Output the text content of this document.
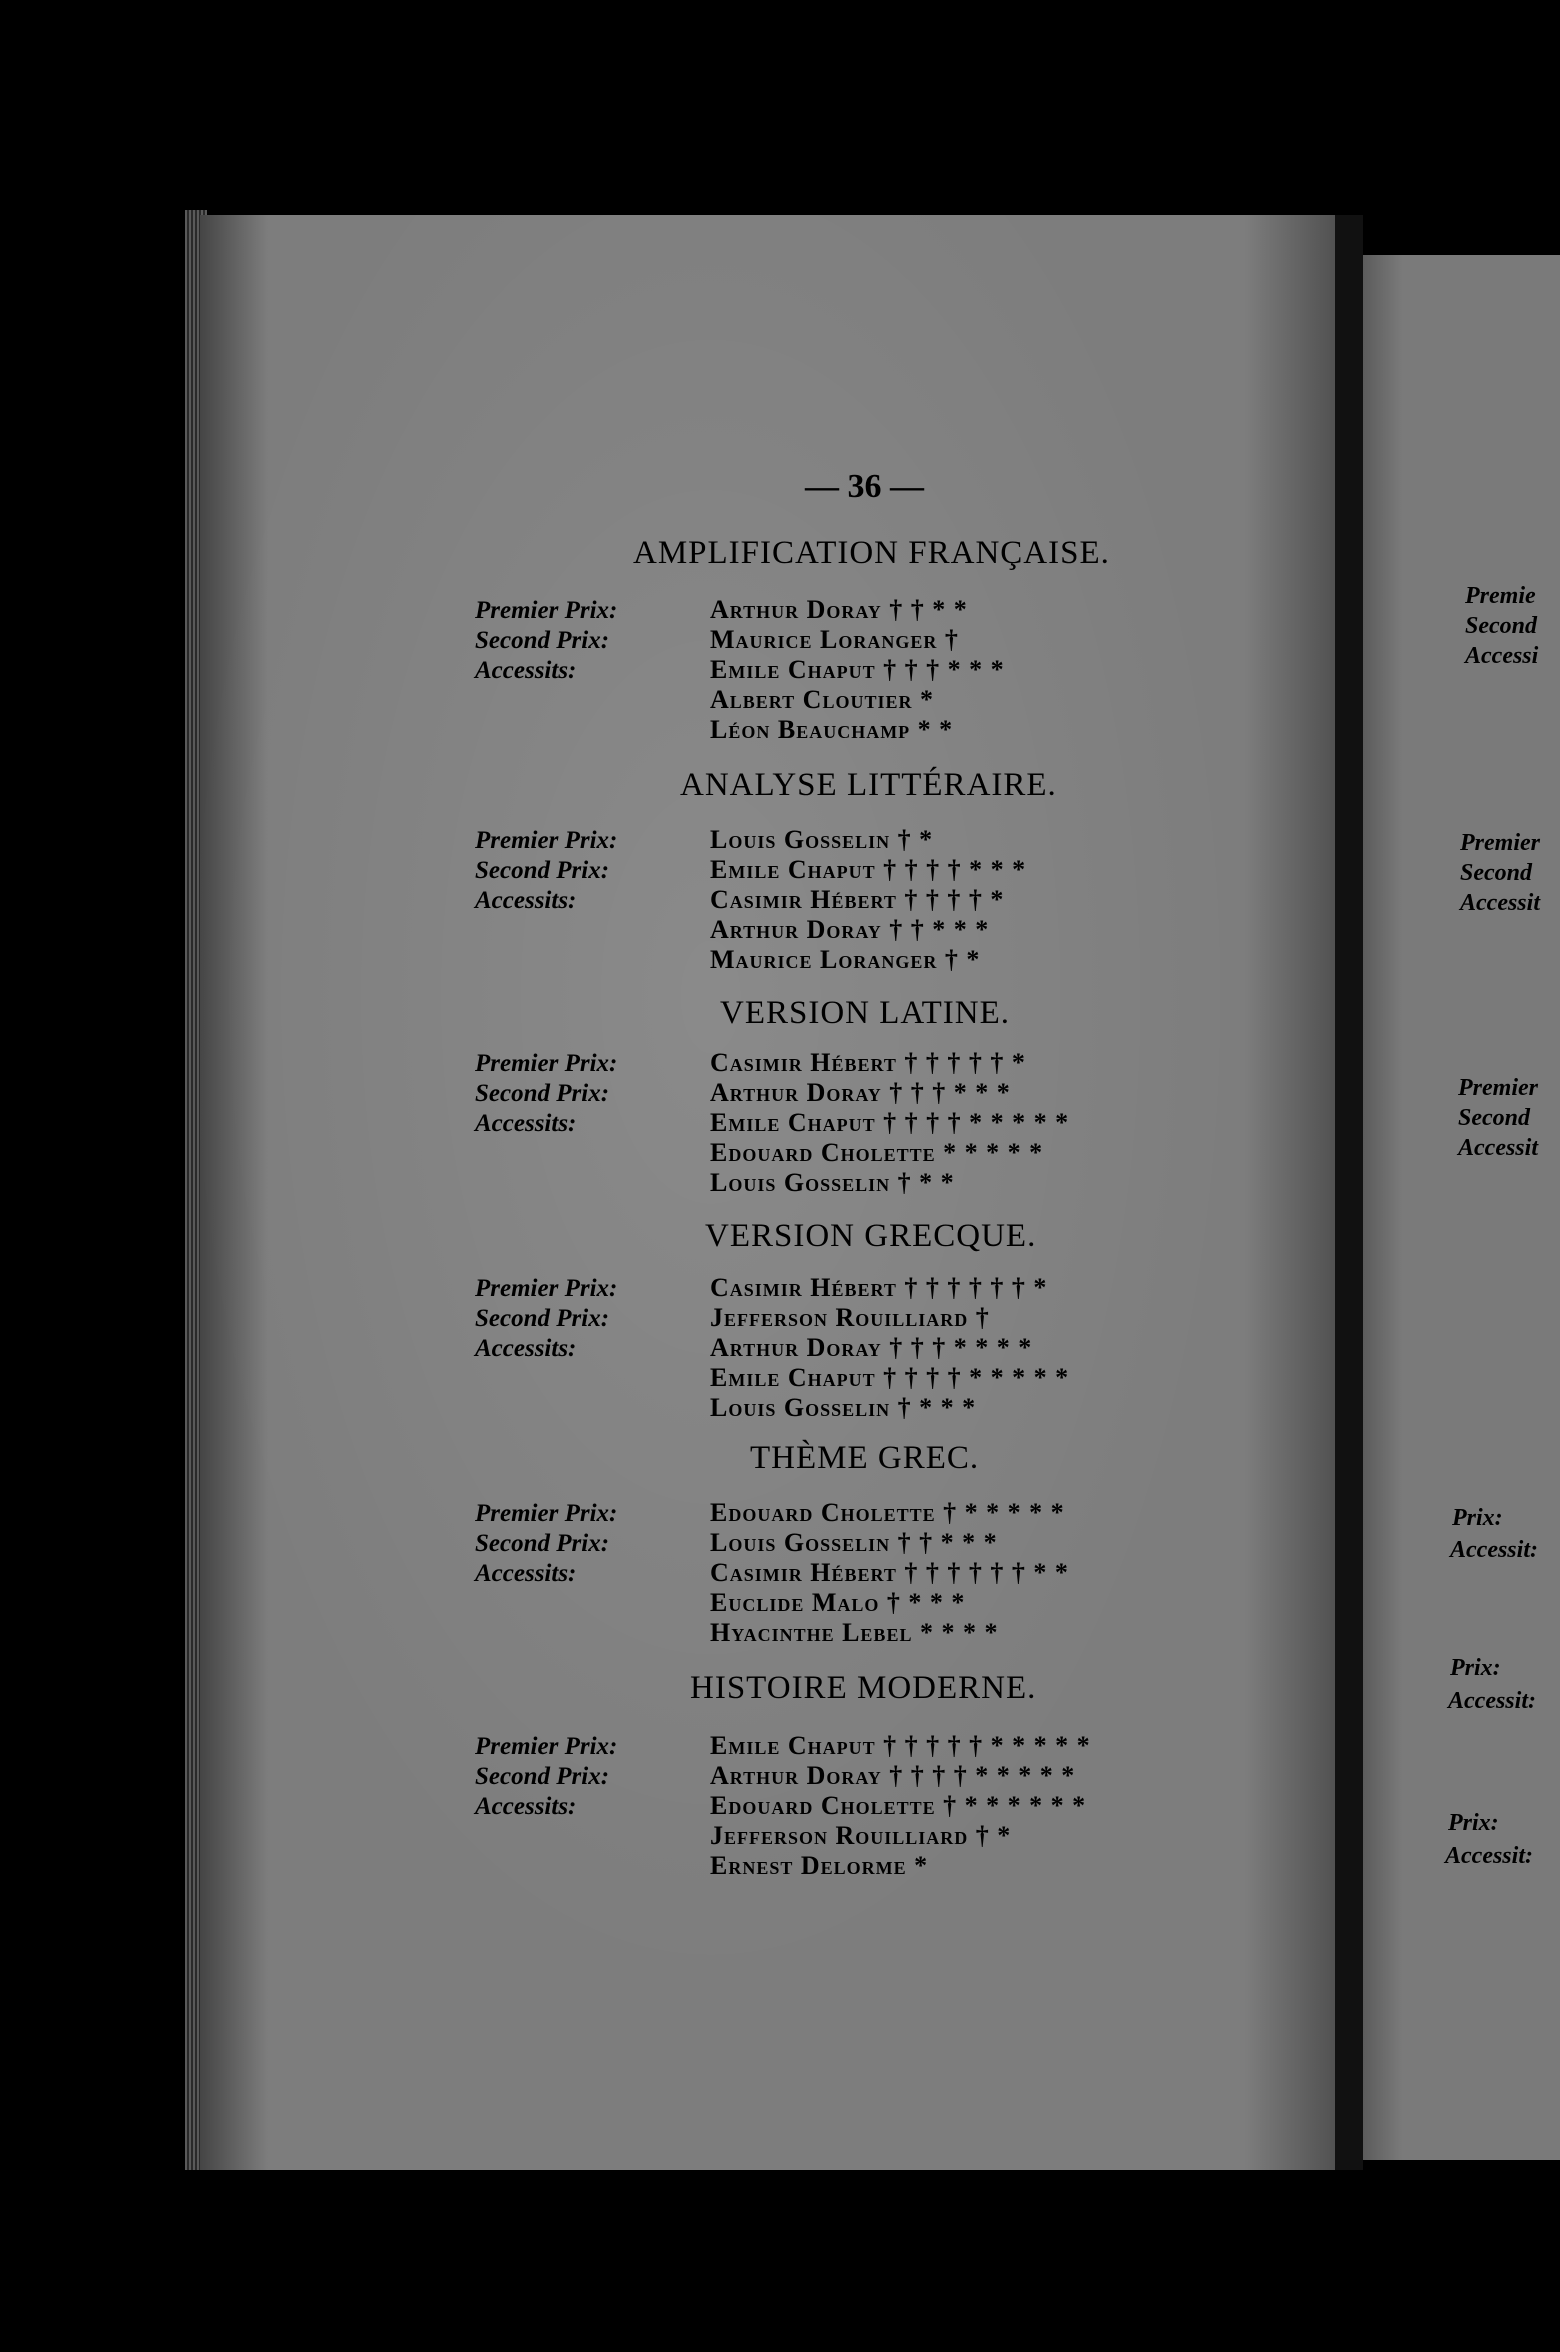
— 36 —
AMPLIFICATION FRANÇAISE.
Premier Prix:
Second Prix:
Accessits:
Arthur Doray † † * *
Maurice Loranger †
Emile Chaput † † † * * *
Albert Cloutier *
Léon Beauchamp * *
ANALYSE LITTÉRAIRE.
Premier Prix:
Second Prix:
Accessits:
Louis Gosselin † *
Emile Chaput † † † † * * *
Casimir Hébert † † † † *
Arthur Doray † † * * *
Maurice Loranger † *
VERSION LATINE.
Premier Prix:
Second Prix:
Accessits:
Casimir Hébert † † † † † *
Arthur Doray † † † * * *
Emile Chaput † † † † * * * * *
Edouard Cholette * * * * *
Louis Gosselin † * *
VERSION GRECQUE.
Premier Prix:
Second Prix:
Accessits:
Casimir Hébert † † † † † † *
Jefferson Rouilliard †
Arthur Doray † † † * * * *
Emile Chaput † † † † * * * * *
Louis Gosselin † * * *
THÈME GREC.
Premier Prix:
Second Prix:
Accessits:
Edouard Cholette † * * * * *
Louis Gosselin † † * * *
Casimir Hébert † † † † † † * *
Euclide Malo † * * *
Hyacinthe Lebel * * * *
HISTOIRE MODERNE.
Premier Prix:
Second Prix:
Accessits:
Emile Chaput † † † † † * * * * *
Arthur Doray † † † † * * * * *
Edouard Cholette † * * * * * *
Jefferson Rouilliard † *
Ernest Delorme *
Premie
Second
Accessi
Premier
Second
Accessit
Premier
Second
Accessit
Prix:
Accessit:
Prix:
Accessit:
Prix:
Accessit:
